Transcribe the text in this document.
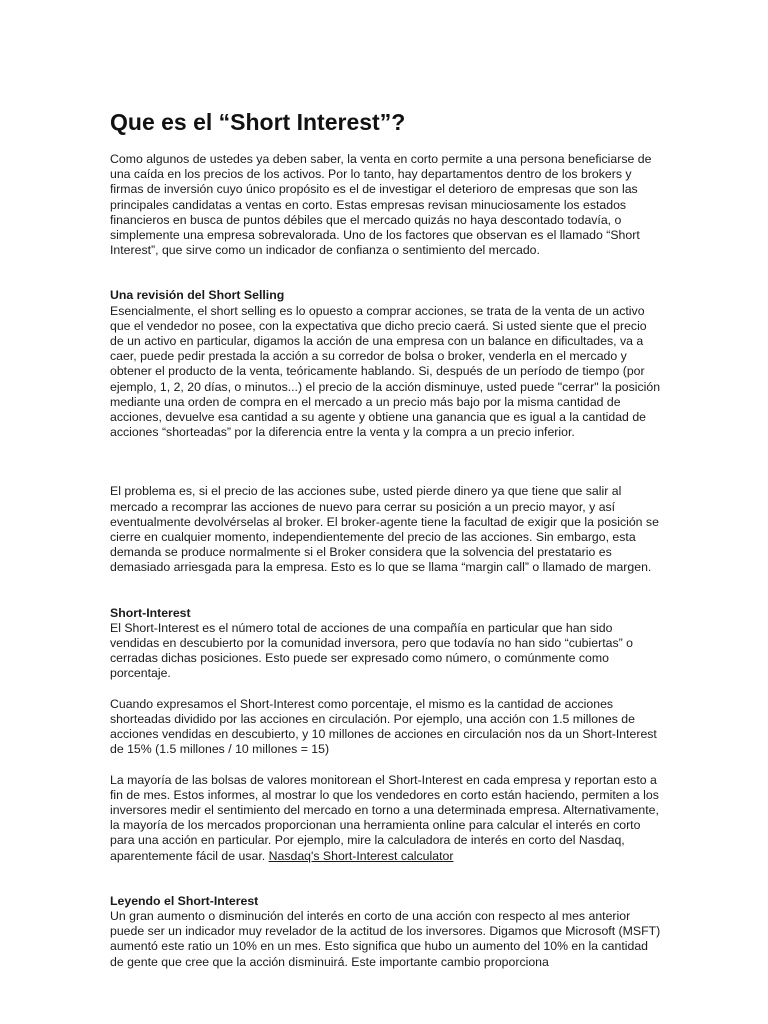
Que es el “Short Interest”?

Como algunos de ustedes ya deben saber, la venta en corto permite a una persona beneficiarse de una caída en los precios de los activos. Por lo tanto, hay departamentos dentro de los brokers y firmas de inversión cuyo único propósito es el de investigar el deterioro de empresas que son las principales candidatas a ventas en corto. Estas empresas revisan minuciosamente los estados financieros en busca de puntos débiles que el mercado quizás no haya descontado todavía, o simplemente una empresa sobrevalorada. Uno de los factores que observan es el llamado “Short Interest”, que sirve como un indicador de confianza o sentimiento del mercado.

Una revisión del Short Selling

Esencialmente, el short selling es lo opuesto a comprar acciones, se trata de la venta de un activo que el vendedor no posee, con la expectativa que dicho precio caerá. Si usted siente que el precio de un activo en particular, digamos la acción de una empresa con un balance en dificultades, va a caer, puede pedir prestada la acción a su corredor de bolsa o broker, venderla en el mercado y obtener el producto de la venta, teóricamente hablando. Si, después de un período de tiempo (por ejemplo, 1, 2, 20 días, o minutos...) el precio de la acción disminuye, usted puede "cerrar" la posición mediante una orden de compra en el mercado a un precio más bajo por la misma cantidad de acciones, devuelve esa cantidad a su agente y obtiene una ganancia que es igual a la cantidad de acciones “shorteadas” por la diferencia entre la venta y la compra a un precio inferior.

El problema es, si el precio de las acciones sube, usted pierde dinero ya que tiene que salir al mercado a recomprar las acciones de nuevo para cerrar su posición a un precio mayor, y así eventualmente devolvérselas al broker. El broker-agente tiene la facultad de exigir que la posición se cierre en cualquier momento, independientemente del precio de las acciones. Sin embargo, esta demanda se produce normalmente si el Broker considera que la solvencia del prestatario es demasiado arriesgada para la empresa. Esto es lo que se llama “margin call” o llamado de margen.

Short-Interest

El Short-Interest es el número total de acciones de una compañía en particular que han sido vendidas en descubierto por la comunidad inversora, pero que todavía no han sido “cubiertas” o cerradas dichas posiciones. Esto puede ser expresado como número, o comúnmente como porcentaje.

Cuando expresamos el Short-Interest como porcentaje, el mismo es la cantidad de acciones shorteadas dividido por las acciones en circulación. Por ejemplo, una acción con 1.5 millones de acciones vendidas en descubierto, y 10 millones de acciones en circulación nos da un Short-Interest de 15% (1.5 millones / 10 millones = 15)

La mayoría de las bolsas de valores monitorean el Short-Interest en cada empresa y reportan esto a fin de mes. Estos informes, al mostrar lo que los vendedores en corto están haciendo, permiten a los inversores medir el sentimiento del mercado en torno a una determinada empresa. Alternativamente, la mayoría de los mercados proporcionan una herramienta online para calcular el interés en corto para una acción en particular. Por ejemplo, mire la calculadora de interés en corto del Nasdaq, aparentemente fácil de usar. Nasdaq's Short-Interest calculator

Leyendo el Short-Interest

Un gran aumento o disminución del interés en corto de una acción con respecto al mes anterior puede ser un indicador muy revelador de la actitud de los inversores. Digamos que Microsoft (MSFT) aumentó este ratio un 10% en un mes. Esto significa que hubo un aumento del 10% en la cantidad de gente que cree que la acción disminuirá. Este importante cambio proporciona
